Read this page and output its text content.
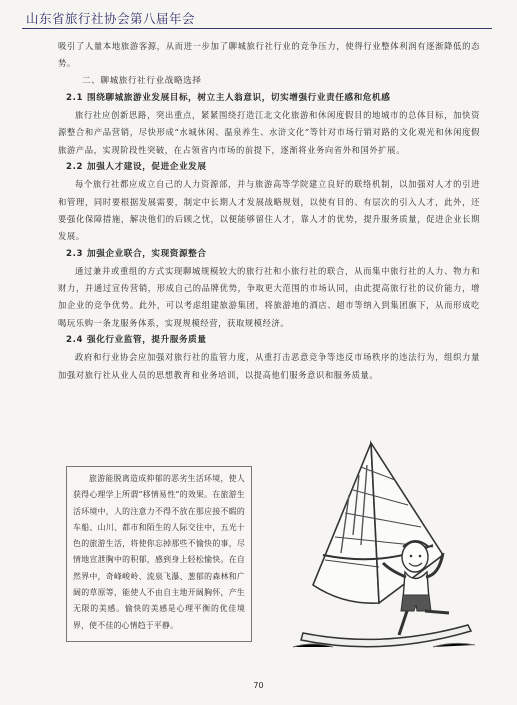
山东省旅行社协会第八届年会

吸引了人量本地旅游客源，从而进一步加了聊城旅行社行业的竞争压力，使得行业整体利润有逐渐降低的态势。

二、聊城旅行社行业战略选择

2.1 围绕聊城旅游业发展目标，树立主人翁意识，切实增强行业责任感和危机感

旅行社应创新思路，突出重点，紧紧围绕打造江北文化旅游和休闲度假目的地城市的总体目标，加快资源整合和产品营销，尽快形成“水城休闲、温泉养生、水浒文化”等针对市场行销对路的文化观光和休闲度假旅游产品，实现阶段性突破，在占领省内市场的前提下，逐渐将业务向省外和国外扩展。

2.2 加强人才建设，促进企业发展

每个旅行社都应成立自己的人力资源部，并与旅游高等学院建立良好的联络机制，以加强对人才的引进和管理，同时要根据发展需要，制定中长期人才发展战略规划，以使有目的、有层次的引入人才，此外，还要强化保障措施，解决他们的后顾之忧，以便能够留住人才，靠人才的优势，提升服务质量，促进企业长期发展。

2.3 加强企业联合，实现资源整合

通过兼并或重组的方式实现聊城规模较大的旅行社和小旅行社的联合，从而集中旅行社的人力、物力和财力，并通过宣传营销，形成自己的品牌优势，争取更大范围的市场认同，由此提高旅行社的议价能力，增加企业的竞争优势。此外，可以考虑组建旅游集团，将旅游地的酒店、超市等纳入到集团旗下，从而形成吃喝玩乐购一条龙服务体系，实现规模经营，获取规模经济。

2.4 强化行业监管，提升服务质量

政府和行业协会应加强对旅行社的监管力度，从重打击恶意竞争等违反市场秩序的违法行为，组织力量加强对旅行社从业人员的思想教育和业务培训，以提高他们服务意识和服务质量。

旅游能脱离造成抑郁的恶劣生活环境，使人获得心理学上所谓“移情易性”的效果。在旅游生活环境中，人的注意力不得不放在那应接不暇的车船、山川、都市和陌生的人际交往中，五光十色的旅游生活，将使你忘掉那些不愉快的事，尽情地宣泄胸中的积郁，感到身上轻松愉快。在自然界中，奇峰峻岭、流泉飞瀑、葱郁的森林和广阔的草原等，能使人不由自主地开阔胸怀，产生无限的美感。愉快的美感是心理平衡的优佳境界，使不佳的心情趋于平静。

70
